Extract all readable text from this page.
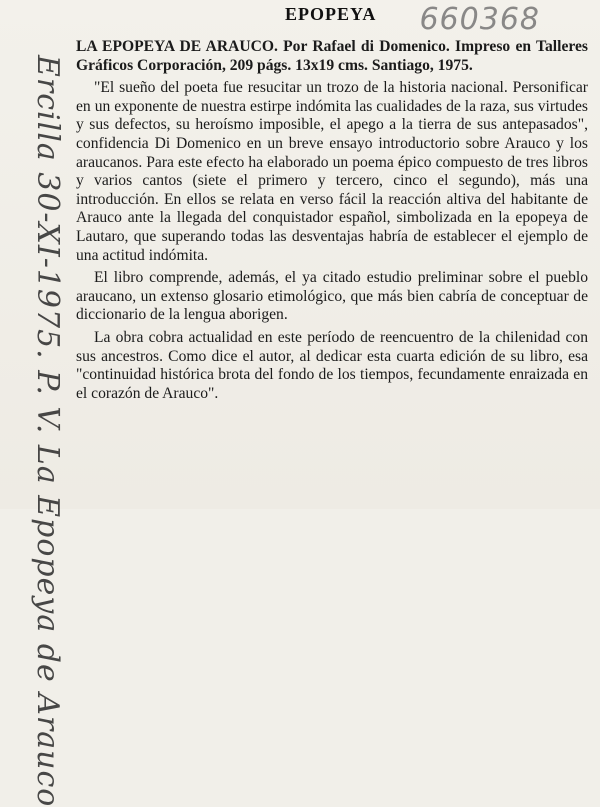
Ercilla 30-XI-1975. P. V. La Epopeya de Arauco
660368
EPOPEYA

LA EPOPEYA DE ARAUCO. Por Rafael di Domenico. Impreso en Talleres Gráficos Corporación, 209 págs. 13x19 cms. Santiago, 1975.

"El sueño del poeta fue resucitar un trozo de la historia nacional. Personificar en un exponente de nuestra estirpe indómita las cualidades de la raza, sus virtudes y sus defectos, su heroísmo imposible, el apego a la tierra de sus antepasados", confidencia Di Domenico en un breve ensayo introductorio sobre Arauco y los araucanos. Para este efecto ha elaborado un poema épico compuesto de tres libros y varios cantos (siete el primero y tercero, cinco el segundo), más una introducción. En ellos se relata en verso fácil la reacción altiva del habitante de Arauco ante la llegada del conquistador español, simbolizada en la epopeya de Lautaro, que superando todas las desventajas habría de establecer el ejemplo de una actitud indómita.

El libro comprende, además, el ya citado estudio preliminar sobre el pueblo araucano, un extenso glosario etimológico, que más bien cabría de conceptuar de diccionario de la lengua aborigen.

La obra cobra actualidad en este período de reencuentro de la chilenidad con sus ancestros. Como dice el autor, al dedicar esta cuarta edición de su libro, esa "continuidad histórica brota del fondo de los tiempos, fecundamente enraizada en el corazón de Arauco".
